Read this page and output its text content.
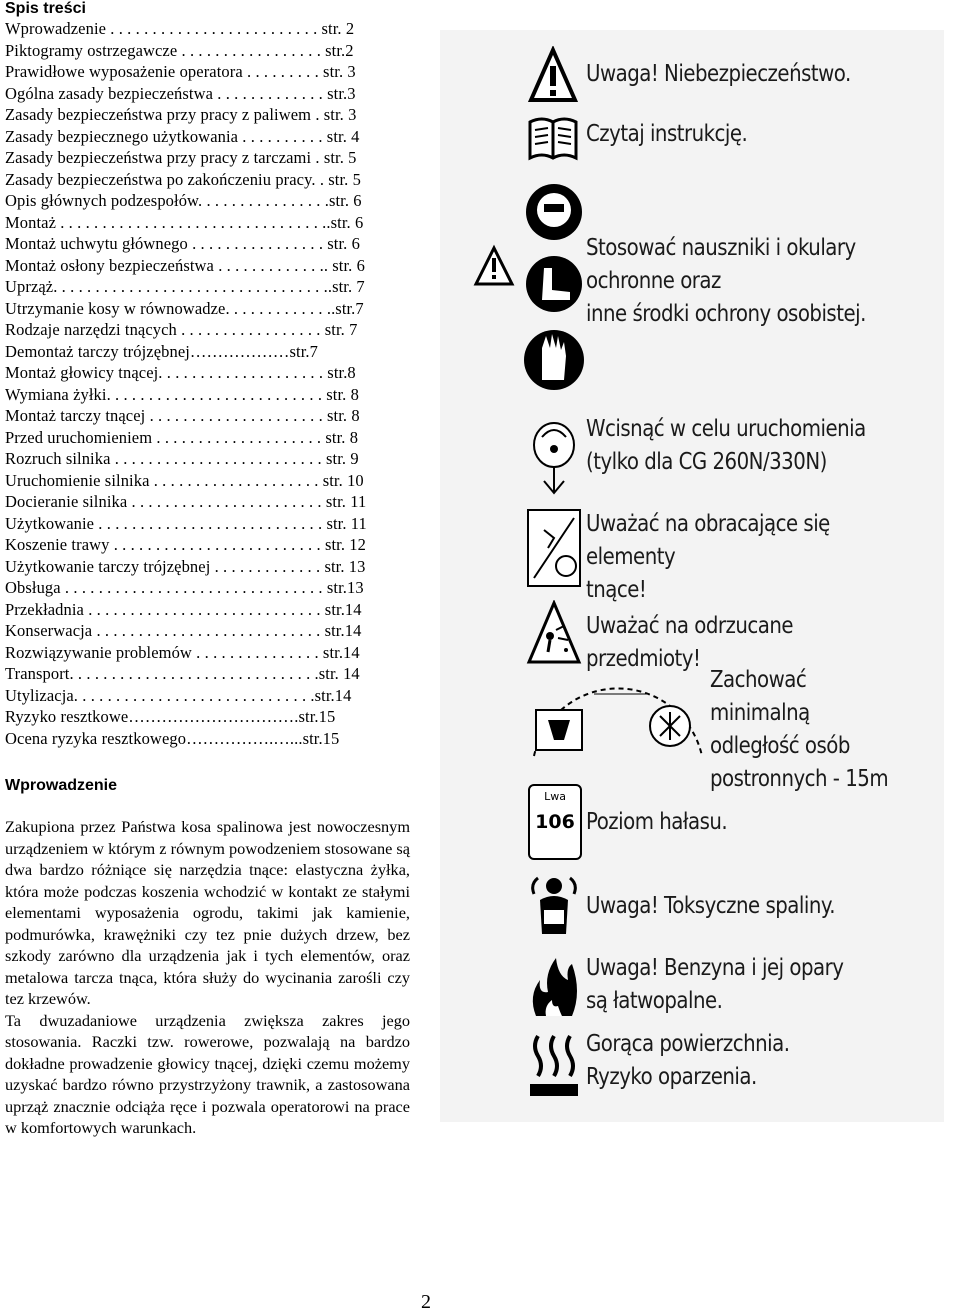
Spis treści
Wprowadzenie . . . . . . . . . . . . . . . . . . . . . . . . . str. 2
Piktogramy ostrzegawcze . . . . . . . . . . . . . . . . . str.2
Prawidłowe wyposażenie operatora . . . . . . . . . str. 3
Ogólna zasady bezpieczeństwa . . . . . . . . . . . . . str.3
Zasady bezpieczeństwa przy pracy z paliwem . str. 3
Zasady bezpiecznego użytkowania . . . . . . . . . . str. 4
Zasady bezpieczeństwa przy pracy z tarczami . str. 5
Zasady bezpieczeństwa po zakończeniu pracy. . str. 5
Opis głównych podzespołów. . . . . . . . . . . . . . . .str. 6
Montaż . . . . . . . . . . . . . . . . . . . . . . . . . . . . . . . ..str. 6
Montaż uchwytu głównego . . . . . . . . . . . . . . . . str. 6
Montaż osłony bezpieczeństwa . . . . . . . . . . . . .. str. 6
Uprząż. . . . . . . . . . . . . . . . . . . . . . . . . . . . . . . . ..str. 7
Utrzymanie kosy w równowadze. . . . . . . . . . . . ..str.7
Rodzaje narzędzi tnących . . . . . . . . . . . . . . . . . str. 7
Demontaż tarczy trójzębnej………………str.7
Montaż głowicy tnącej. . . . . . . . . . . . . . . . . . . . str.8
Wymiana żyłki. . . . . . . . . . . . . . . . . . . . . . . . . . str. 8
Montaż tarczy tnącej . . . . . . . . . . . . . . . . . . . . . str. 8
Przed uruchomieniem . . . . . . . . . . . . . . . . . . . . str. 8
Rozruch silnika . . . . . . . . . . . . . . . . . . . . . . . . . str. 9
Uruchomienie silnika . . . . . . . . . . . . . . . . . . . . str. 10
Docieranie silnika . . . . . . . . . . . . . . . . . . . . . . . str. 11
Użytkowanie . . . . . . . . . . . . . . . . . . . . . . . . . . . str. 11
Koszenie trawy . . . . . . . . . . . . . . . . . . . . . . . . . str. 12
Użytkowanie tarczy trójzębnej . . . . . . . . . . . . . str. 13
Obsługa . . . . . . . . . . . . . . . . . . . . . . . . . . . . . . . str.13
Przekładnia . . . . . . . . . . . . . . . . . . . . . . . . . . . . str.14
Konserwacja . . . . . . . . . . . . . . . . . . . . . . . . . . . str.14
Rozwiązywanie problemów . . . . . . . . . . . . . . . str.14
Transport. . . . . . . . . . . . . . . . . . . . . . . . . . . . . .str. 14
Utylizacja. . . . . . . . . . . . . . . . . . . . . . . . . . . . .str.14
Ryzyko resztkowe………………………….str.15
Ocena ryzyka resztkowego…………….…...str.15
Wprowadzenie

Zakupiona przez Państwa kosa spalinowa jest nowoczesnym urządzeniem w którym z równym powodzeniem stosowane są dwa bardzo różniące się narzędzia tnące: elastyczna żyłka, która może podczas koszenia wchodzić w kontakt ze stałymi elementami wyposażenia ogrodu, takimi jak kamienie, podmurówka, krawężniki czy tez pnie dużych drzew, bez szkody zarówno dla urządzenia jak i tych elementów, oraz metalowa tarcza tnąca, która służy do wycinania zarośli czy tez krzewów.

Ta dwuzadaniowe urządzenia zwiększa zakres jego stosowania. Raczki tzw. rowerowe, pozwalają na bardzo dokładne prowadzenie głowicy tnącej, dzięki czemu możemy uzyskać bardzo równo przystrzyżony trawnik, a zastosowana uprząż znacznie odciąża ręce i pozwala operatorowi na prace w komfortowych warunkach.

Uwaga! Niebezpieczeństwo.
Czytaj instrukcję.
Stosować nauszniki i okulary
ochronne oraz
inne środki ochrony osobistej.
Wcisnąć w celu uruchomienia
(tylko dla CG 260N/330N)
Uważać na obracające się elementy
tnące!
Uważać na odrzucane przedmioty!
Zachować minimalną
odległość osób
postronnych - 15m
Lwa
106 Poziom hałasu.
Uwaga! Toksyczne spaliny.
Uwaga! Benzyna i jej opary
są łatwopalne.
Gorąca powierzchnia.
Ryzyko oparzenia.
2
